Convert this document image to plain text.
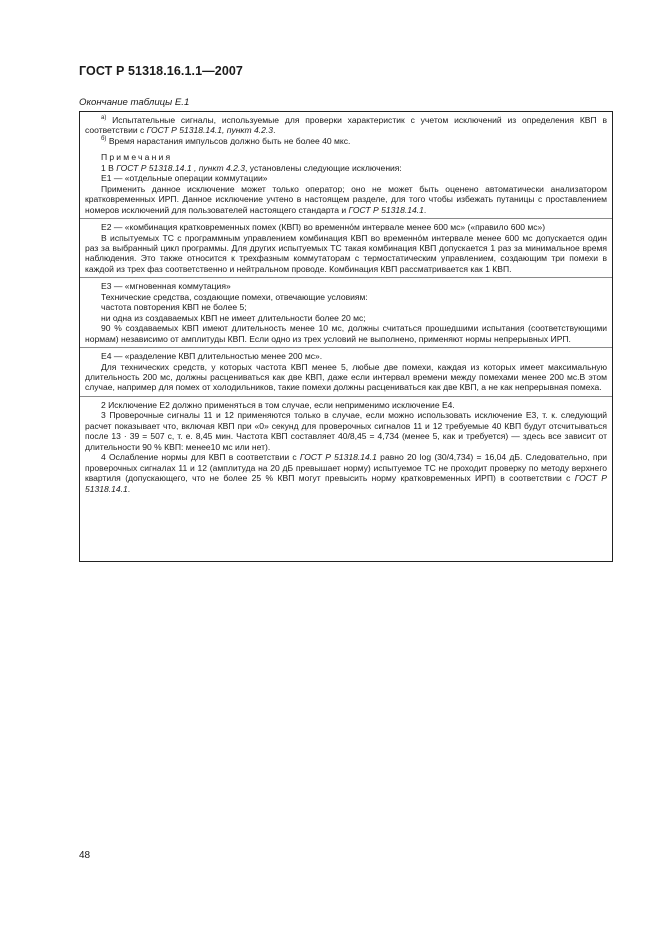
ГОСТ Р 51318.16.1.1—2007
Окончание таблицы Е.1

$^{а)}$ Испытательные сигналы, используемые для проверки характеристик с учетом исключений из определения КВП в соответствии с ГОСТ Р 51318.14.1, пункт 4.2.3.

$^{б)}$ Время нарастания импульсов должно быть не более 40 мкс.

Примечания

1 В ГОСТ Р 51318.14.1 , пункт 4.2.3, установлены следующие исключения:

Е1 — «отдельные операции коммутации»

Применить данное исключение может только оператор; оно не может быть оценено автоматически анализатором кратковременных ИРП. Данное исключение учтено в настоящем разделе, для того чтобы избежать путаницы с проставлением номеров исключений для пользователей настоящего стандарта и ГОСТ Р 51318.14.1.

Е2 — «комбинация кратковременных помех (КВП) во временно́м интервале менее 600 мс» («правило 600 мс»)

В испытуемых ТС с программным управлением комбинация КВП во временно́м интервале менее 600 мс допускается один раз за выбранный цикл программы. Для других испытуемых ТС такая комбинация КВП допускается 1 раз за минимальное время наблюдения. Это также относится к трехфазным коммутаторам с термостатическим управлением, создающим три помехи в каждой из трех фаз соответственно и нейтральном проводе. Комбинация КВП рассматривается как 1 КВП.

Е3 — «мгновенная коммутация»

Технические средства, создающие помехи, отвечающие условиям:

частота повторения КВП не более 5;

ни одна из создаваемых КВП не имеет длительности более 20 мс;

90 % создаваемых КВП имеют длительность менее 10 мс, должны считаться прошедшими испытания (соответствующими нормам) независимо от амплитуды КВП. Если одно из трех условий не выполнено, применяют нормы непрерывных ИРП.

Е4 — «разделение КВП длительностью менее 200 мс».

Для технических средств, у которых частота КВП менее 5, любые две помехи, каждая из которых имеет максимальную длительность 200 мс, должны расцениваться как две КВП, даже если интервал времени между помехами менее 200 мс.В этом случае, например для помех от холодильников, такие помехи должны расцениваться как две КВП, а не как непрерывная помеха.

2 Исключение Е2 должно применяться в том случае, если неприменимо исключение Е4.

3 Проверочные сигналы 11 и 12 применяются только в случае, если можно использовать исключение Е3, т. к. следующий расчет показывает что, включая КВП при «0» секунд для проверочных сигналов 11 и 12 требуемые 40 КВП будут отсчитываться после 13 · 39 = 507 с, т. е. 8,45 мин. Частота КВП составляет 40/8,45 = 4,734 (менее 5, как и требуется) — здесь все зависит от длительности 90 % КВП: менее10 мс или нет).

4 Ослабление нормы для КВП в соответствии с ГОСТ Р 51318.14.1 равно 20 log (30/4,734) = 16,04 дБ. Следовательно, при проверочных сигналах 11 и 12 (амплитуда на 20 дБ превышает норму) испытуемое ТС не проходит проверку по методу верхнего квартиля (допускающего, что не более 25 % КВП могут превысить норму кратковременных ИРП) в соответствии с ГОСТ Р 51318.14.1.

48
